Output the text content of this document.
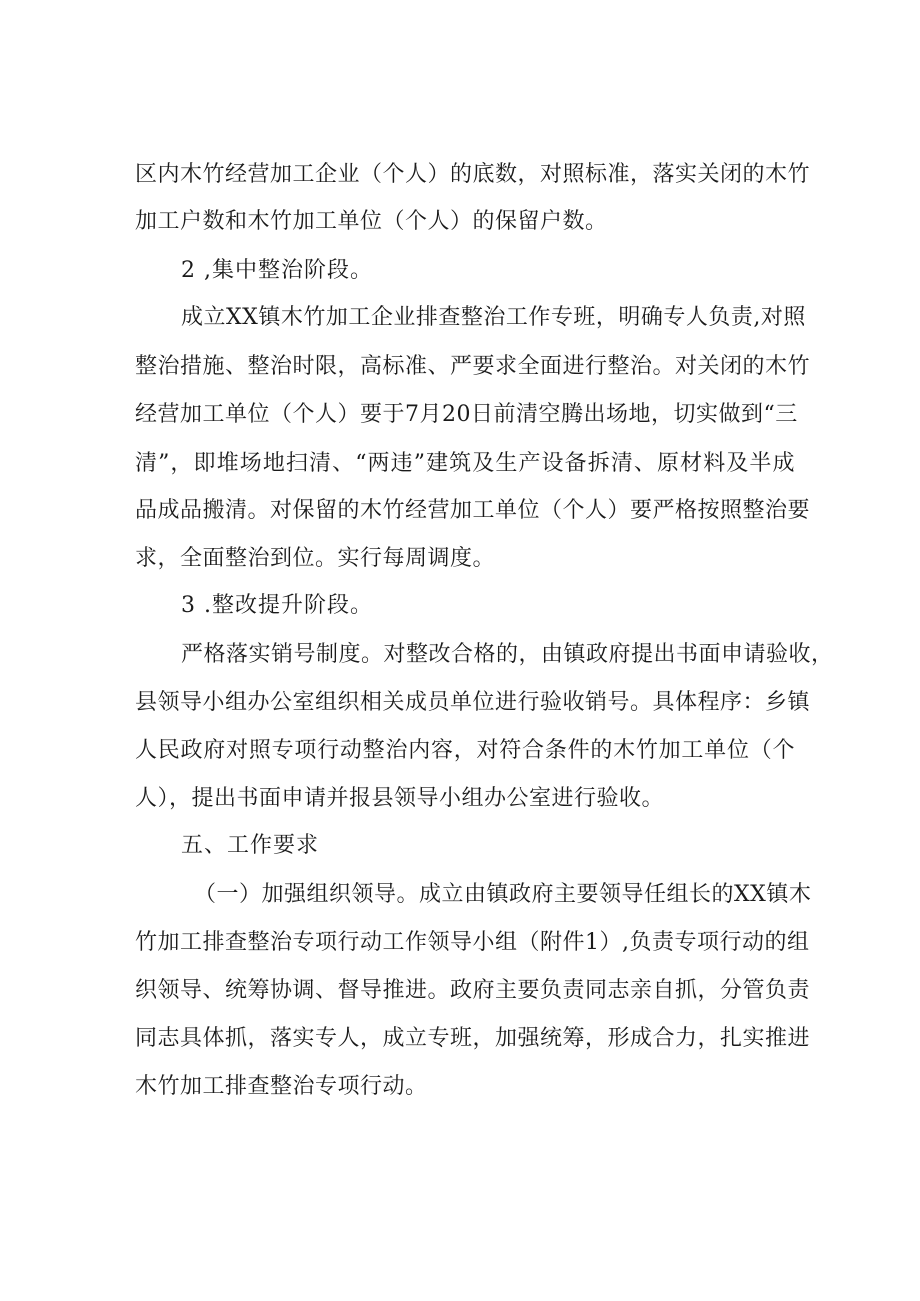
区内木竹经营加工企业（个人）的底数，对照标准，落实关闭的木竹
加工户数和木竹加工单位（个人）的保留户数。
2 ,集中整治阶段。
成立XX镇木竹加工企业排查整治工作专班，明确专人负责,对照
整治措施、整治时限，高标准、严要求全面进行整治。对关闭的木竹
经营加工单位（个人）要于7月20日前清空腾出场地，切实做到“三
清”，即堆场地扫清、“两违”建筑及生产设备拆清、原材料及半成
品成品搬清。对保留的木竹经营加工单位（个人）要严格按照整治要
求，全面整治到位。实行每周调度。
3 .整改提升阶段。
严格落实销号制度。对整改合格的，由镇政府提出书面申请验收，
县领导小组办公室组织相关成员单位进行验收销号。具体程序：乡镇
人民政府对照专项行动整治内容，对符合条件的木竹加工单位（个
人），提出书面申请并报县领导小组办公室进行验收。
五、工作要求
（一）加强组织领导。成立由镇政府主要领导任组长的XX镇木
竹加工排查整治专项行动工作领导小组（附件1）,负责专项行动的组
织领导、统筹协调、督导推进。政府主要负责同志亲自抓，分管负责
同志具体抓，落实专人，成立专班，加强统筹，形成合力，扎实推进
木竹加工排查整治专项行动。
